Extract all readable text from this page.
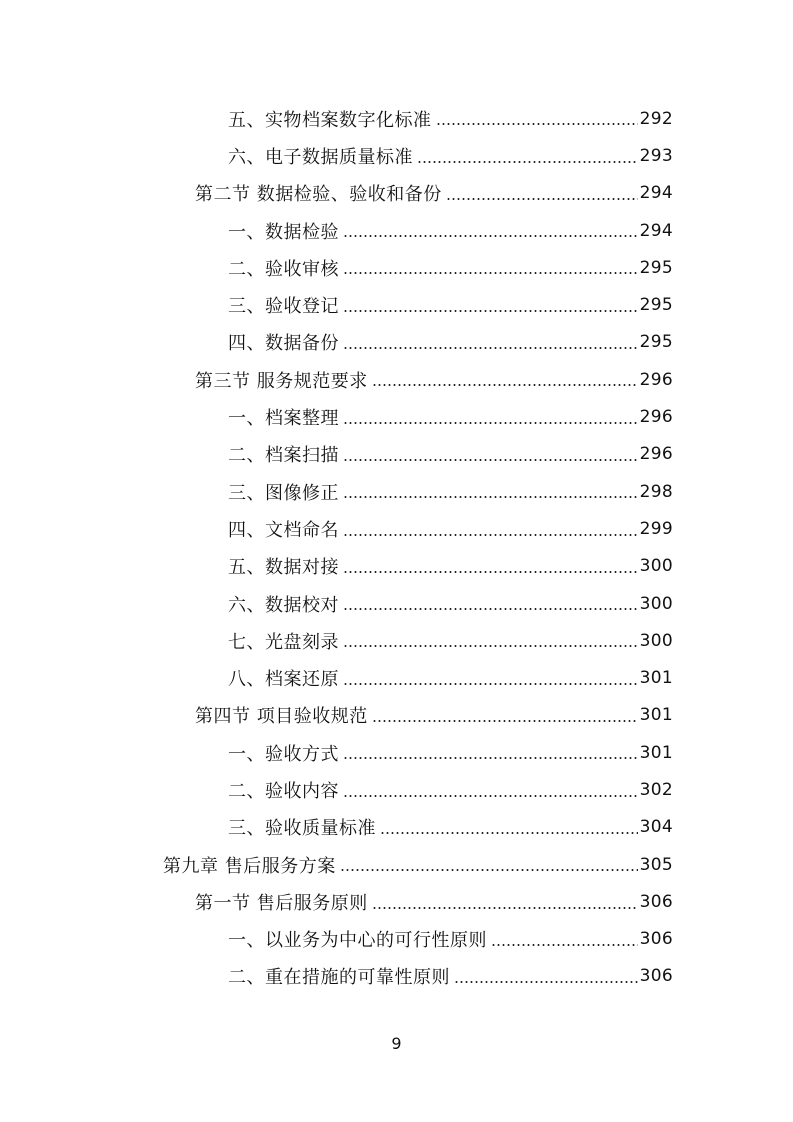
五、实物档案数字化标准	292
六、电子数据质量标准	293
第二节 数据检验、验收和备份	294
一、数据检验	294
二、验收审核	295
三、验收登记	295
四、数据备份	295
第三节 服务规范要求	296
一、档案整理	296
二、档案扫描	296
三、图像修正	298
四、文档命名	299
五、数据对接	300
六、数据校对	300
七、光盘刻录	300
八、档案还原	301
第四节 项目验收规范	301
一、验收方式	301
二、验收内容	302
三、验收质量标准	304
第九章 售后服务方案	305
第一节 售后服务原则	306
一、以业务为中心的可行性原则	306
二、重在措施的可靠性原则	306
9
